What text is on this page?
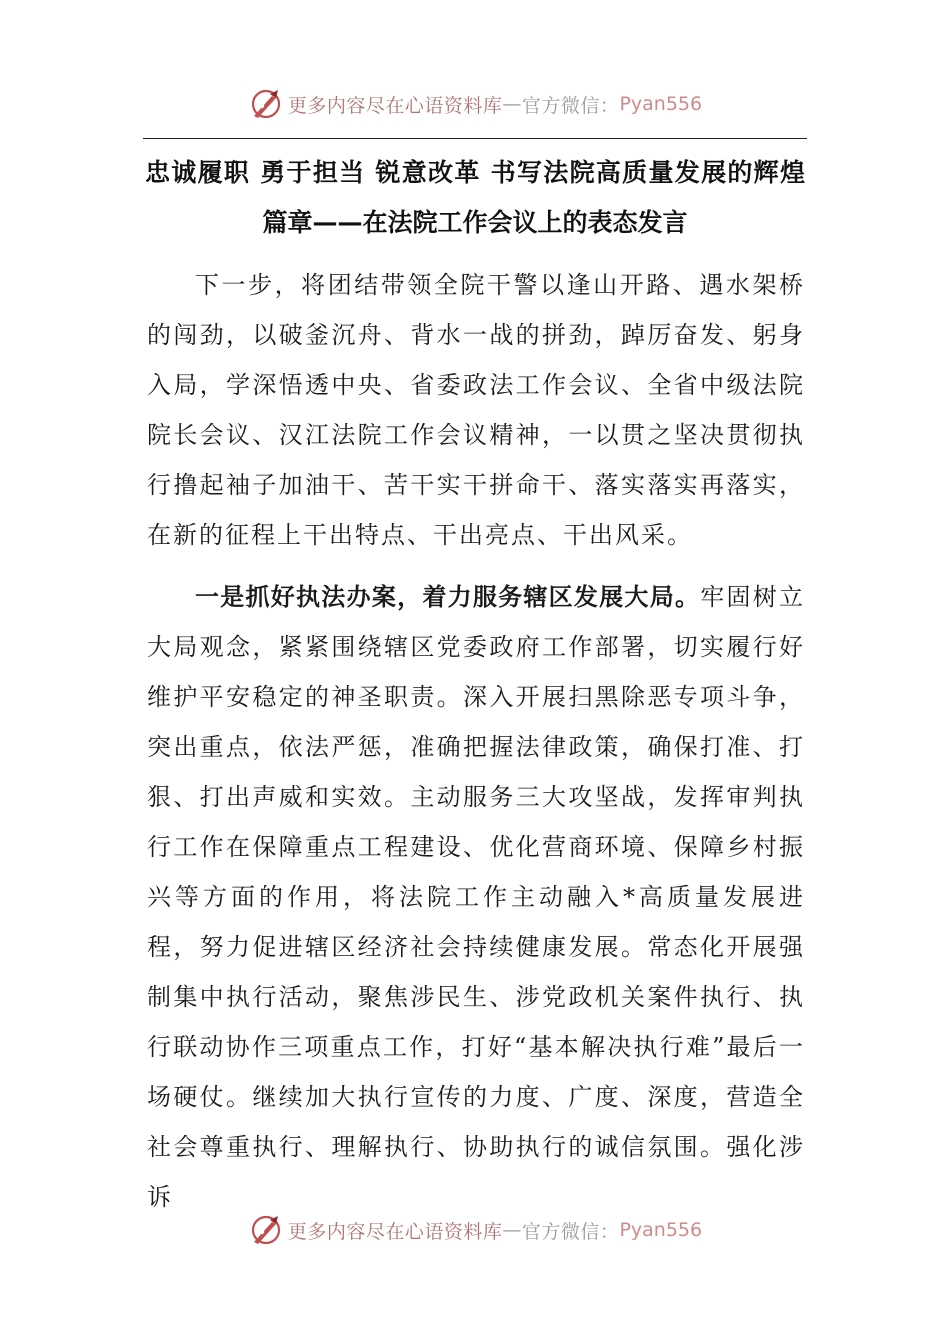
更多内容尽在心语资料库 — 官方微信： Pyan556
忠诚履职 勇于担当 锐意改革 书写法院高质量发展的辉煌
篇章——在法院工作会议上的表态发言

下一步，将团结带领全院干警以逢山开路、遇水架桥的闯劲，以破釜沉舟、背水一战的拼劲，踔厉奋发、躬身入局，学深悟透中央、省委政法工作会议、全省中级法院院长会议、汉江法院工作会议精神，一以贯之坚决贯彻执行撸起袖子加油干、苦干实干拼命干、落实落实再落实，在新的征程上干出特点、干出亮点、干出风采。

一是抓好执法办案，着力服务辖区发展大局。牢固树立大局观念，紧紧围绕辖区党委政府工作部署，切实履行好维护平安稳定的神圣职责。深入开展扫黑除恶专项斗争，突出重点，依法严惩，准确把握法律政策，确保打准、打狠、打出声威和实效。主动服务三大攻坚战，发挥审判执行工作在保障重点工程建设、优化营商环境、保障乡村振兴等方面的作用，将法院工作主动融入*高质量发展进程，努力促进辖区经济社会持续健康发展。常态化开展强制集中执行活动，聚焦涉民生、涉党政机关案件执行、执行联动协作三项重点工作，打好“基本解决执行难”最后一场硬仗。继续加大执行宣传的力度、广度、深度，营造全社会尊重执行、理解执行、协助执行的诚信氛围。强化涉诉

更多内容尽在心语资料库 — 官方微信： Pyan556
